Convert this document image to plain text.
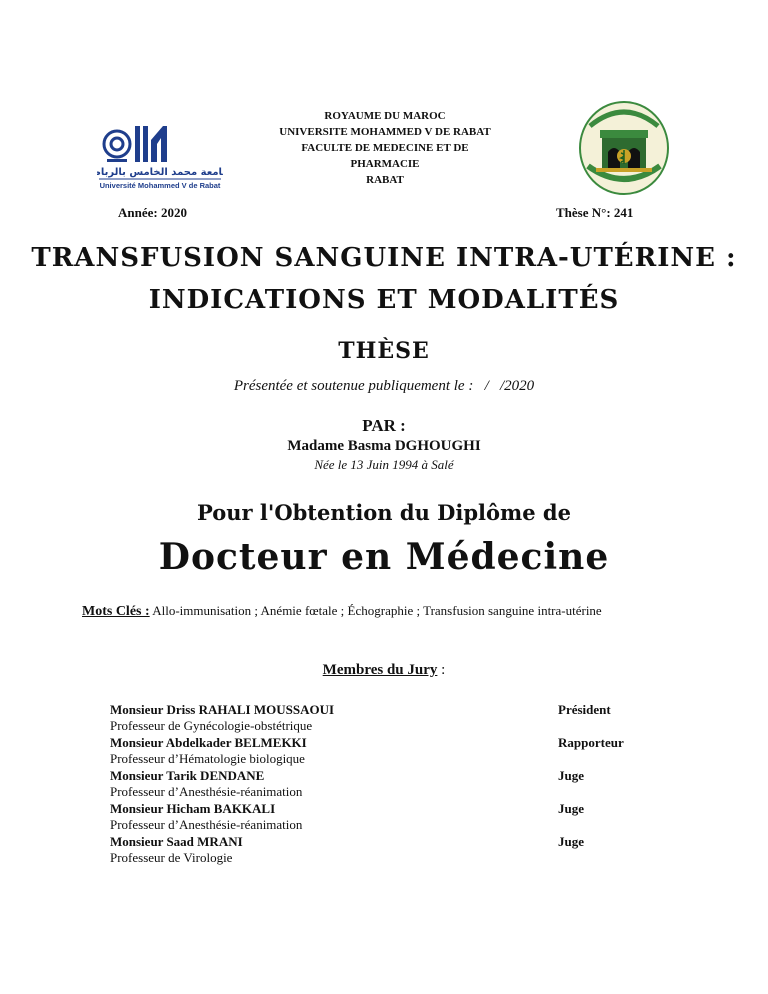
جامعة محمد الخامس بالرباط
Université Mohammed V de Rabat
ROYAUME DU MAROC
UNIVERSITE MOHAMMED V DE RABAT
FACULTE DE MEDECINE ET DE
PHARMACIE
RABAT
Année: 2020	Thèse N°: 241
TRANSFUSION SANGUINE INTRA-UTÉRINE :
INDICATIONS ET MODALITÉS
THÈSE
Présentée et soutenue publiquement le :   /   /2020
PAR :
Madame Basma DGHOUGHI
Née le 13 Juin 1994 à Salé
Pour l'Obtention du Diplôme de
Docteur en Médecine
Mots Clés : Allo-immunisation ; Anémie fœtale ; Échographie ; Transfusion sanguine intra-utérine
Membres du Jury :
Monsieur Driss RAHALI MOUSSAOUI
Professeur de Gynécologie-obstétrique
Président
Monsieur Abdelkader BELMEKKI
Professeur d’Hématologie biologique
Rapporteur
Monsieur Tarik DENDANE
Professeur d’Anesthésie-réanimation
Juge
Monsieur Hicham BAKKALI
Professeur d’Anesthésie-réanimation
Juge
Monsieur Saad MRANI
Professeur de Virologie
Juge
